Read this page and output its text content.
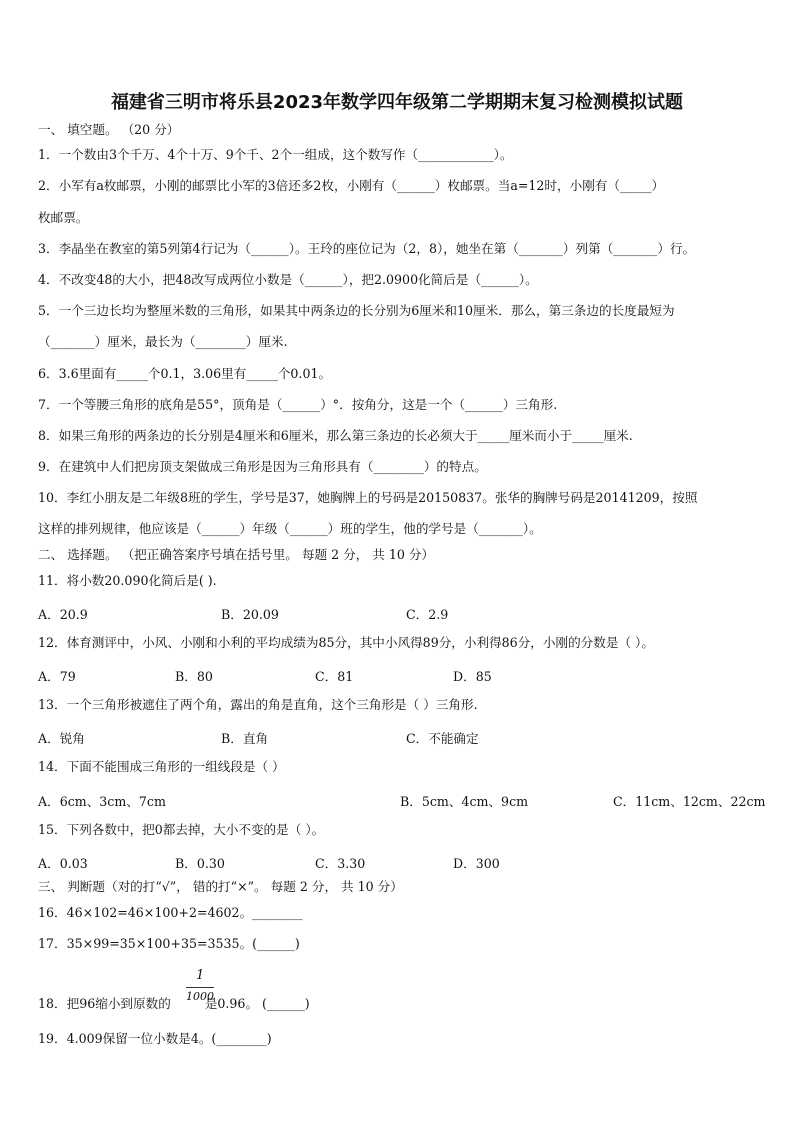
福建省三明市将乐县2023年数学四年级第二学期期末复习检测模拟试题
一、 填空题。 （20 分）
1．一个数由3个千万、4个十万、9个千、2个一组成，这个数写作（____________）。
2．小军有a枚邮票，小刚的邮票比小军的3倍还多2枚，小刚有（______）枚邮票。当a=12时，小刚有（_____）
枚邮票。
3．李晶坐在教室的第5列第4行记为（______）。王玲的座位记为（2，8），她坐在第（_______）列第（_______）行。
4．不改变48的大小，把48改写成两位小数是（______），把2.0900化简后是（______）。
5．一个三边长均为整厘米数的三角形，如果其中两条边的长分别为6厘米和10厘米．那么，第三条边的长度最短为
（_______）厘米，最长为（________）厘米.
6．3.6里面有_____个0.1，3.06里有_____个0.01。
7．一个等腰三角形的底角是55°，顶角是（______）°．按角分，这是一个（______）三角形.
8．如果三角形的两条边的长分别是4厘米和6厘米，那么第三条边的长必须大于_____厘米而小于_____厘米.
9．在建筑中人们把房顶支架做成三角形是因为三角形具有（________）的特点。
10．李红小朋友是二年级8班的学生，学号是37，她胸牌上的号码是20150837。张华的胸牌号码是20141209，按照
这样的排列规律，他应该是（______）年级（______）班的学生，他的学号是（_______）。
二、 选择题。 （把正确答案序号填在括号里。 每题 2 分， 共 10 分）
11．将小数20.090化简后是( ).
A．20.9	B．20.09	C．2.9
12．体育测评中，小风、小刚和小利的平均成绩为85分，其中小风得89分，小利得86分，小刚的分数是（ ）。
A．79	B．80	C．81	D．85
13．一个三角形被遮住了两个角，露出的角是直角，这个三角形是（ ）三角形.
A．锐角	B．直角	C．不能确定
14．下面不能围成三角形的一组线段是（ ）
A．6cm、3cm、7cm	B．5cm、4cm、9cm	C．11cm、12cm、22cm
15．下列各数中，把0都去掉，大小不变的是（ ）。
A．0.03	B．0.30	C．3.30	D．300
三、 判断题（对的打“√”， 错的打“×”。 每题 2 分， 共 10 分）
16．46×102=46×100+2=4602。________
17．35×99=35×100+35=3535。(______)
1
1000
18．把96缩小到原数的	是0.96。 (______)
19．4.009保留一位小数是4。(________)
